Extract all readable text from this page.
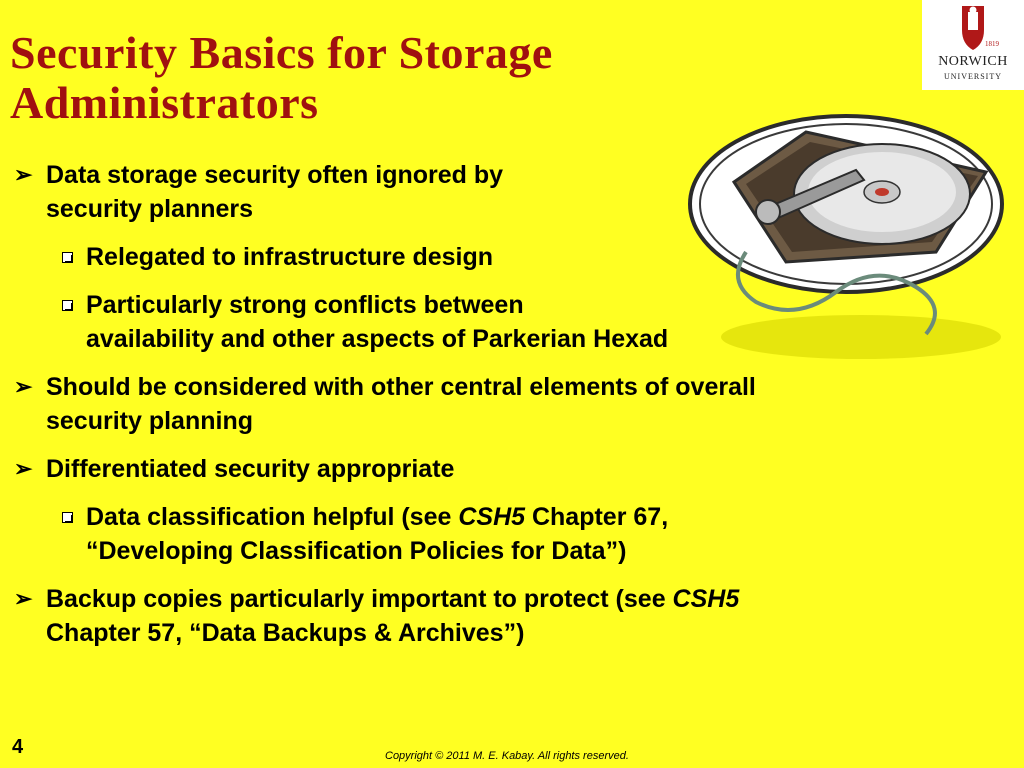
Security Basics for Storage Administrators
1819
NORWICH
UNIVERSITY
➢ Data storage security often ignored by
security planners
Relegated to infrastructure design
Particularly strong conflicts between
availability and other aspects of Parkerian Hexad
➢ Should be considered with other central elements of overall
security planning
➢ Differentiated security appropriate
Data classification helpful (see CSH5 Chapter 67,
“Developing Classification Policies for Data”)
➢ Backup copies particularly important to protect (see CSH5
Chapter 57, “Data Backups & Archives”)
4	Copyright © 2011 M. E. Kabay. All rights reserved.
